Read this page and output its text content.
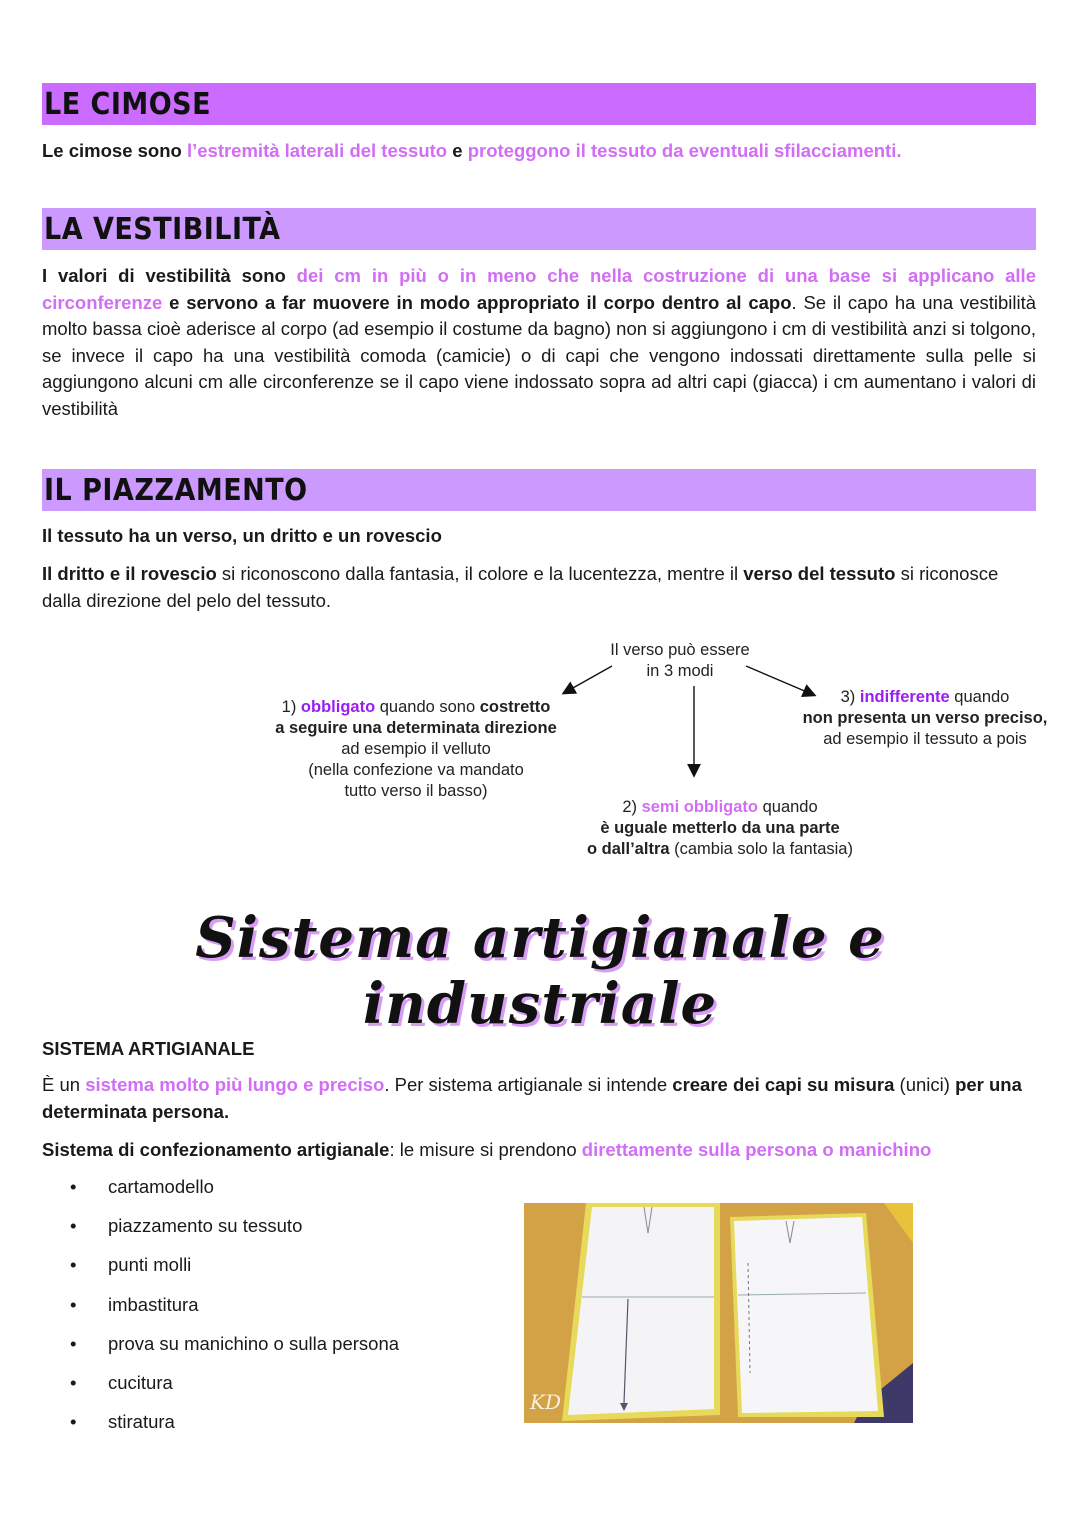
LE CIMOSE
Le cimose sono l’estremità laterali del tessuto e proteggono il tessuto da eventuali sfilacciamenti.
LA VESTIBILITÀ
I valori di vestibilità sono dei cm in più o in meno che nella costruzione di una base si applicano alle circonferenze e servono a far muovere in modo appropriato il corpo dentro al capo. Se il capo ha una vestibilità molto bassa cioè aderisce al corpo (ad esempio il costume da bagno) non si aggiungono i cm di vestibilità anzi si tolgono, se invece il capo ha una vestibilità comoda (camicie) o di capi che vengono indossati direttamente sulla pelle si aggiungono alcuni cm alle circonferenze se il capo viene indossato sopra ad altri capi (giacca) i cm aumentano i valori di vestibilità
IL PIAZZAMENTO
Il tessuto ha un verso, un dritto e un rovescio
Il dritto e il rovescio si riconoscono dalla fantasia, il colore e la lucentezza, mentre il verso del tessuto si riconosce dalla direzione del pelo del tessuto.
Il verso può essere
in 3 modi
1) obbligato quando sono costretto
a seguire una determinata direzione
ad esempio il velluto
(nella confezione va mandato
tutto verso il basso)
2) semi obbligato quando
è uguale metterlo da una parte
o dall’altra (cambia solo la fantasia)
3) indifferente quando
non presenta un verso preciso,
ad esempio il tessuto a pois
Sistema artigianale e industriale
SISTEMA ARTIGIANALE
È un sistema molto più lungo e preciso. Per sistema artigianale si intende creare dei capi su misura (unici) per una determinata persona.
Sistema di confezionamento artigianale: le misure si prendono direttamente sulla persona o manichino
• cartamodello
• piazzamento su tessuto
• punti molli
• imbastitura
• prova su manichino o sulla persona
• cucitura
• stiratura
KD
